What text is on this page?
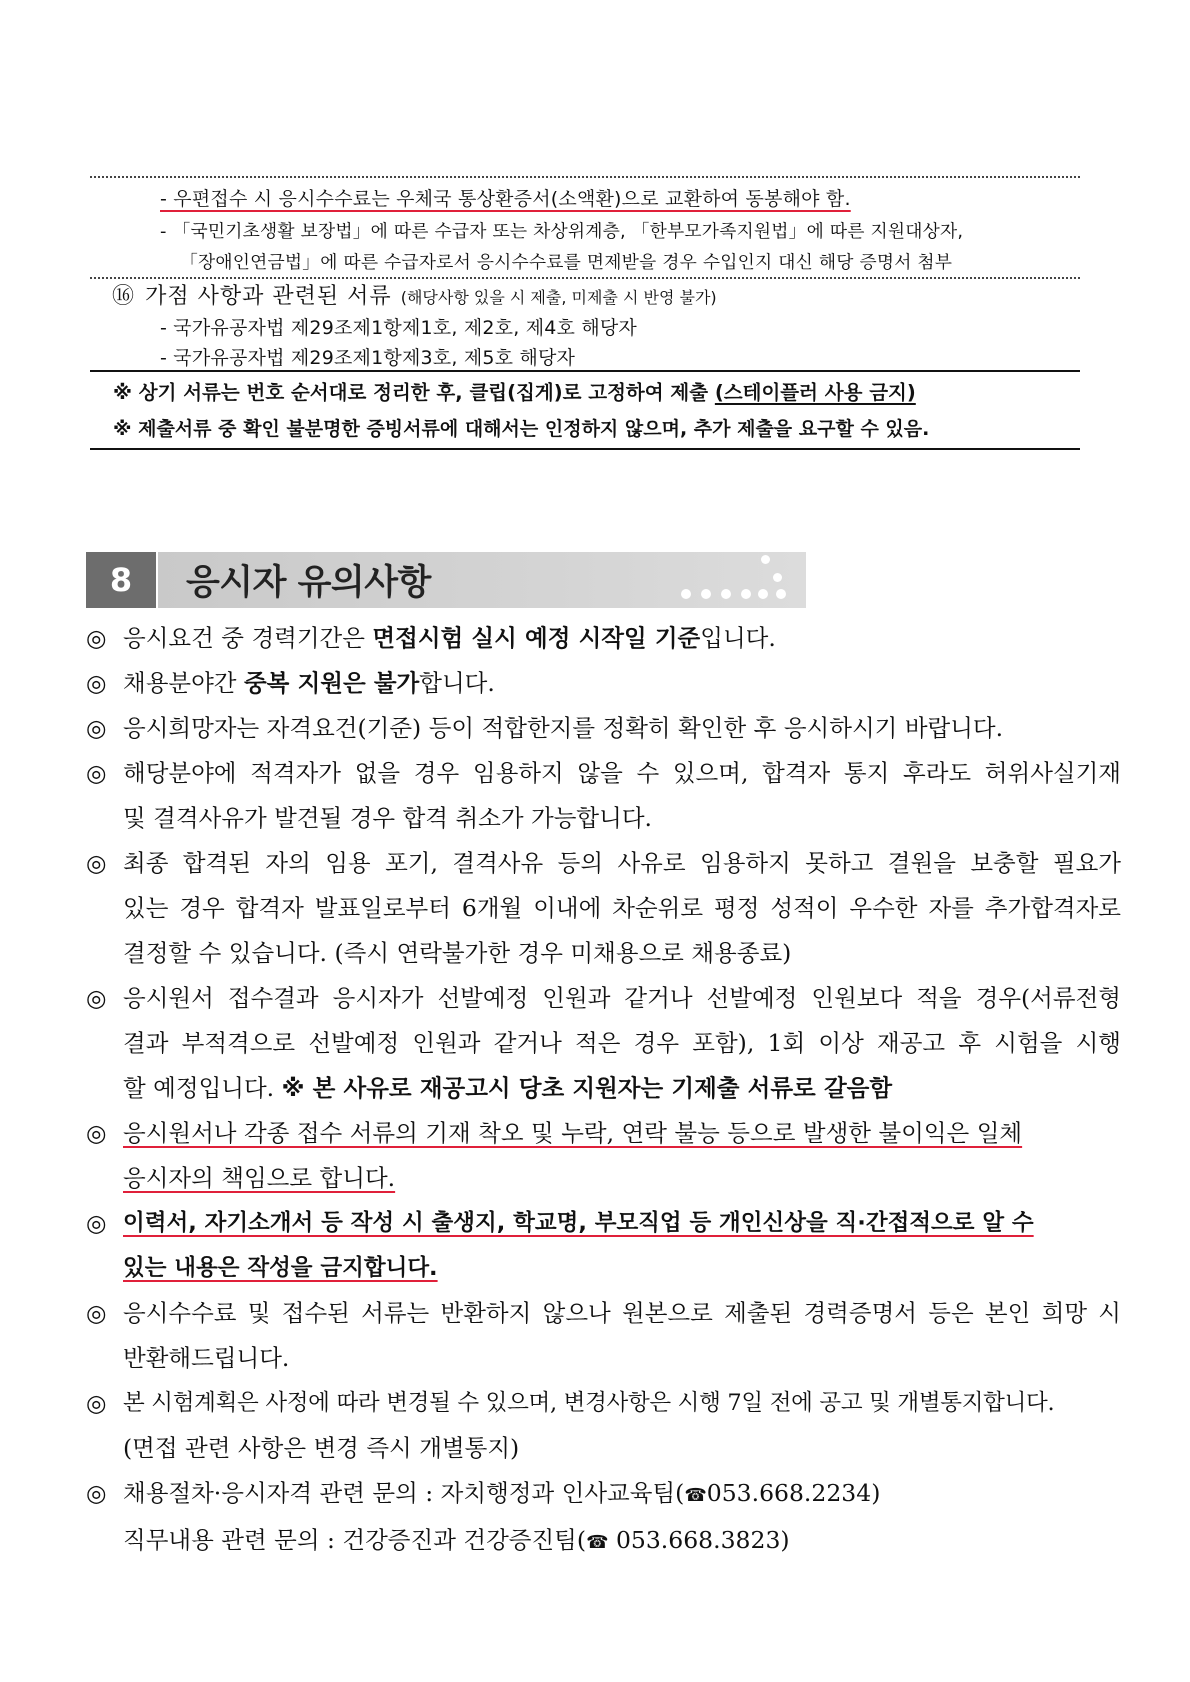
- 우편접수 시 응시수수료는 우체국 통상환증서(소액환)으로 교환하여 동봉해야 함.
- 「국민기초생활 보장법」에 따른 수급자 또는 차상위계층, 「한부모가족지원법」에 따른 지원대상자,
「장애인연금법」에 따른 수급자로서 응시수수료를 면제받을 경우 수입인지 대신 해당 증명서 첨부
⑯ 가점 사항과 관련된 서류 (해당사항 있을 시 제출, 미제출 시 반영 불가)
- 국가유공자법 제29조제1항제1호, 제2호, 제4호 해당자
- 국가유공자법 제29조제1항제3호, 제5호 해당자
※ 상기 서류는 번호 순서대로 정리한 후, 클립(집게)로 고정하여 제출 (스테이플러 사용 금지)
※ 제출서류 중 확인 불분명한 증빙서류에 대해서는 인정하지 않으며, 추가 제출을 요구할 수 있음.
8	응시자 유의사항
◎ 응시요건 중 경력기간은 면접시험 실시 예정 시작일 기준입니다.
◎ 채용분야간 중복 지원은 불가합니다.
◎ 응시희망자는 자격요건(기준) 등이 적합한지를 정확히 확인한 후 응시하시기 바랍니다.
◎ 해당분야에 적격자가 없을 경우 임용하지 않을 수 있으며, 합격자 통지 후라도 허위사실기재
및 결격사유가 발견될 경우 합격 취소가 가능합니다.
◎ 최종 합격된 자의 임용 포기, 결격사유 등의 사유로 임용하지 못하고 결원을 보충할 필요가
있는 경우 합격자 발표일로부터 6개월 이내에 차순위로 평정 성적이 우수한 자를 추가합격자로
결정할 수 있습니다. (즉시 연락불가한 경우 미채용으로 채용종료)
◎ 응시원서 접수결과 응시자가 선발예정 인원과 같거나 선발예정 인원보다 적을 경우(서류전형
결과 부적격으로 선발예정 인원과 같거나 적은 경우 포함), 1회 이상 재공고 후 시험을 시행
할 예정입니다. ※ 본 사유로 재공고시 당초 지원자는 기제출 서류로 갈음함
◎ 응시원서나 각종 접수 서류의 기재 착오 및 누락, 연락 불능 등으로 발생한 불이익은 일체
응시자의 책임으로 합니다.
◎ 이력서, 자기소개서 등 작성 시 출생지, 학교명, 부모직업 등 개인신상을 직·간접적으로 알 수
있는 내용은 작성을 금지합니다.
◎ 응시수수료 및 접수된 서류는 반환하지 않으나 원본으로 제출된 경력증명서 등은 본인 희망 시
반환해드립니다.
◎ 본 시험계획은 사정에 따라 변경될 수 있으며, 변경사항은 시행 7일 전에 공고 및 개별통지합니다.
(면접 관련 사항은 변경 즉시 개별통지)
◎ 채용절차·응시자격 관련 문의 : 자치행정과 인사교육팀(☎053.668.2234)
직무내용 관련 문의 : 건강증진과 건강증진팀(☎ 053.668.3823)
